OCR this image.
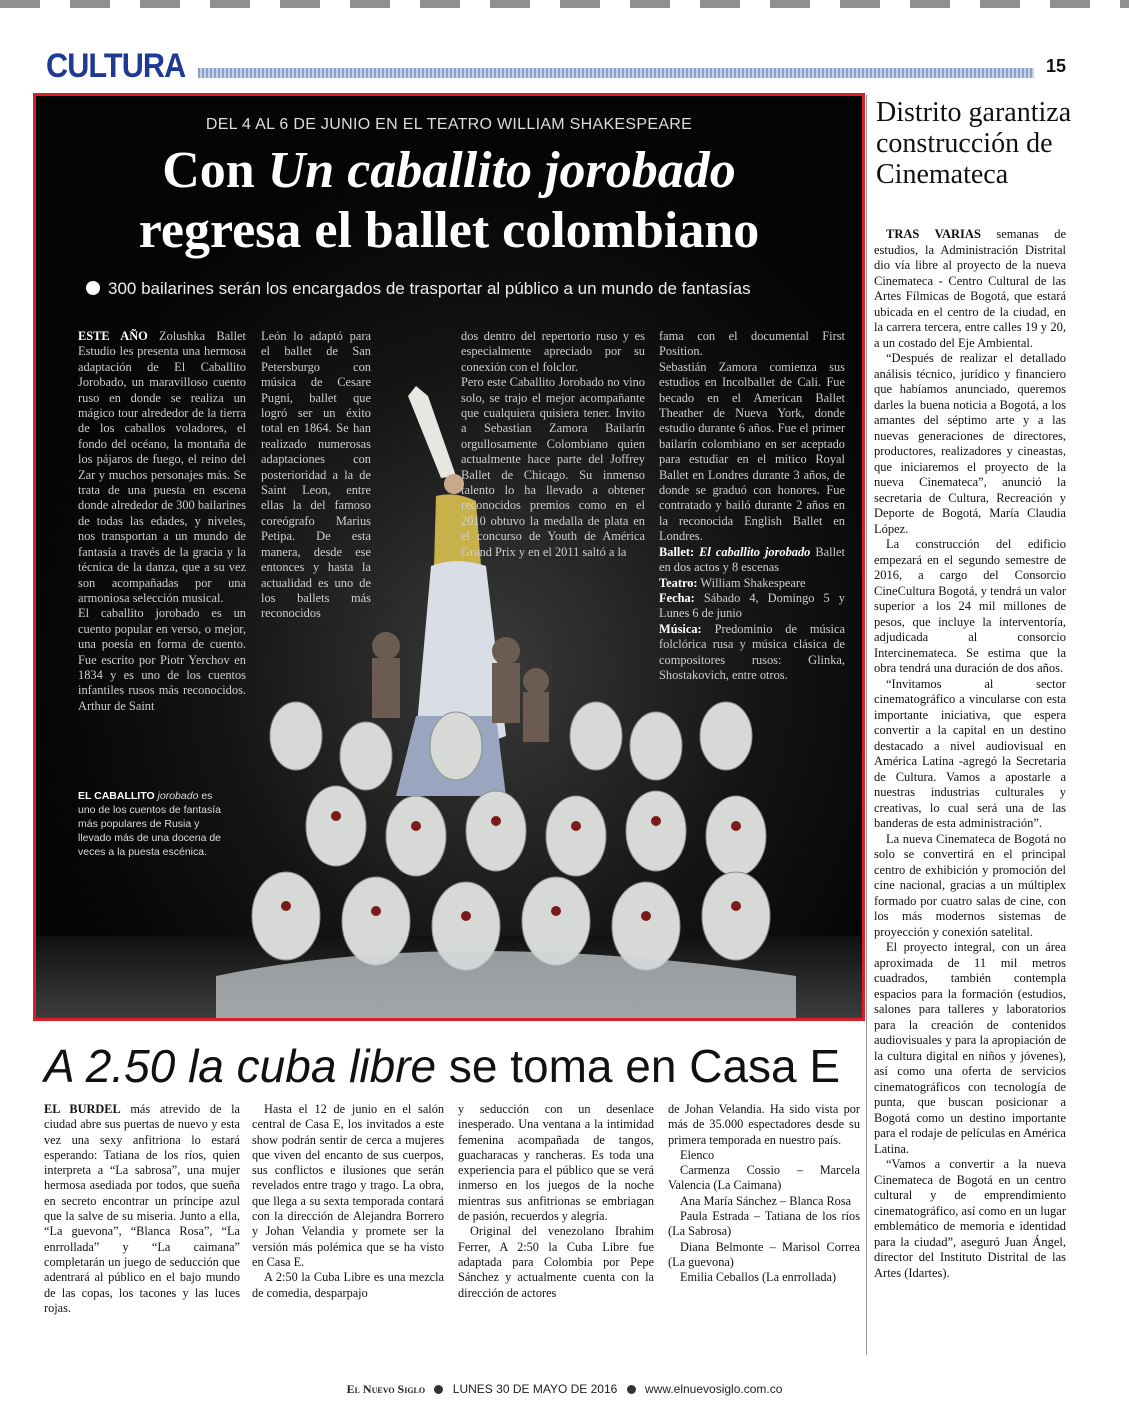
CULTURA	15
DEL 4 AL 6 DE JUNIO EN EL TEATRO WILLIAM SHAKESPEARE
Con Un caballito jorobado
regresa el ballet colombiano
300 bailarines serán los encargados de trasportar al público a un mundo de fantasías
ESTE AÑO Zolushka Ballet Estudio les presenta una hermosa adaptación de El Caballito Jorobado, un maravilloso cuento ruso en donde se realiza un mágico tour alrededor de la tierra de los caballos voladores, el fondo del océano, la montaña de los pájaros de fuego, el reino del Zar y muchos personajes más. Se trata de una puesta en escena donde alrededor de 300 bailarines de todas las edades, y niveles, nos transportan a un mundo de fantasía a través de la gracia y la técnica de la danza, que a su vez son acompañadas por una armoniosa selección musical.
El caballito jorobado es un cuento popular en verso, o mejor, una poesía en forma de cuento. Fue escrito por Piotr Yerchov en 1834 y es uno de los cuentos infantiles rusos más reconocidos. Arthur de Saint
León lo adaptó para el ballet de San Petersburgo con música de Cesare Pugni, ballet que logró ser un éxito total en 1864. Se han realizado numerosas adaptaciones con posterioridad a la de Saint Leon, entre ellas la del famoso coreógrafo Marius Petipa. De esta manera, desde ese entonces y hasta la actualidad es uno de los ballets más reconocidos
dos dentro del repertorio ruso y es especialmente apreciado por su conexión con el folclor.
Pero este Caballito Jorobado no vino solo, se trajo el mejor acompañante que cualquiera quisiera tener. Invito a Sebastian Zamora Bailarín orgullosamente Colombiano quien actualmente hace parte del Joffrey Ballet de Chicago. Su inmenso talento lo ha llevado a obtener reconocidos premios como en el 2010 obtuvo la medalla de plata en el concurso de Youth de América Grand Prix y en el 2011 saltó a la
fama con el documental First Position.
Sebastián Zamora comienza sus estudios en Incolballet de Cali. Fue becado en el American Ballet Theather de Nueva York, donde estudio durante 6 años. Fue el primer bailarín colombiano en ser aceptado para estudiar en el mítico Royal Ballet en Londres durante 3 años, de donde se graduó con honores. Fue contratado y bailó durante 2 años en la reconocida English Ballet en Londres.
Ballet: El caballito jorobado Ballet en dos actos y 8 escenas
Teatro: William Shakespeare
Fecha: Sábado 4, Domingo 5 y Lunes 6 de junio
Música: Predominio de música folclórica rusa y música clásica de compositores rusos: Glinka, Shostakovich, entre otros.
EL CABALLITO jorobado es uno de los cuentos de fantasía más populares de Rusia y llevado más de una docena de veces a la puesta escénica.
Distrito garantiza construcción de Cinemateca

TRAS VARIAS semanas de estudios, la Administración Distrital dio vía libre al proyecto de la nueva Cinemateca - Centro Cultural de las Artes Fílmicas de Bogotá, que estará ubicada en el centro de la ciudad, en la carrera tercera, entre calles 19 y 20, a un costado del Eje Ambiental.

“Después de realizar el detallado análisis técnico, jurídico y financiero que habíamos anunciado, queremos darles la buena noticia a Bogotá, a los amantes del séptimo arte y a las nuevas generaciones de directores, productores, realizadores y cineastas, que iniciaremos el proyecto de la nueva Cinemateca”, anunció la secretaria de Cultura, Recreación y Deporte de Bogotá, María Claudia López.

La construcción del edificio empezará en el segundo semestre de 2016, a cargo del Consorcio CineCultura Bogotá, y tendrá un valor superior a los 24 mil millones de pesos, que incluye la interventoría, adjudicada al consorcio Intercinemateca. Se estima que la obra tendrá una duración de dos años.

“Invitamos al sector cinematográfico a vincularse con esta importante iniciativa, que espera convertir a la capital en un destino destacado a nivel audiovisual en América Latina -agregó la Secretaria de Cultura. Vamos a apostarle a nuestras industrias culturales y creativas, lo cual será una de las banderas de esta administración”.

La nueva Cinemateca de Bogotá no solo se convertirá en el principal centro de exhibición y promoción del cine nacional, gracias a un múltiplex formado por cuatro salas de cine, con los más modernos sistemas de proyección y conexión satelital.

El proyecto integral, con un área aproximada de 11 mil metros cuadrados, también contempla espacios para la formación (estudios, salones para talleres y laboratorios para la creación de contenidos audiovisuales y para la apropiación de la cultura digital en niños y jóvenes), así como una oferta de servicios cinematográficos con tecnología de punta, que buscan posicionar a Bogotá como un destino importante para el rodaje de películas en América Latina.

“Vamos a convertir a la nueva Cinemateca de Bogotá en un centro cultural y de emprendimiento cinematográfico, así como en un lugar emblemático de memoria e identidad para la ciudad”, aseguró Juan Ángel, director del Instituto Distrital de las Artes (Idartes).

A 2.50 la cuba libre se toma en Casa E
EL BURDEL más atrevido de la ciudad abre sus puertas de nuevo y esta vez una sexy anfitriona lo estará esperando: Tatiana de los ríos, quien interpreta a “La sabrosa”, una mujer hermosa asediada por todos, que sueña en secreto encontrar un príncipe azul que la salve de su miseria. Junto a ella, “La guevona”, “Blanca Rosa”, “La enrrollada” y “La caimana” completarán un juego de seducción que adentrará al público en el bajo mundo de las copas, los tacones y las luces rojas.

Hasta el 12 de junio en el salón central de Casa E, los invitados a este show podrán sentir de cerca a mujeres que viven del encanto de sus cuerpos, sus conflictos e ilusiones que serán revelados entre trago y trago. La obra, que llega a su sexta temporada contará con la dirección de Alejandra Borrero y Johan Velandia y promete ser la versión más polémica que se ha visto en Casa E.

A 2:50 la Cuba Libre es una mezcla de comedia, desparpajo

y seducción con un desenlace inesperado. Una ventana a la intimidad femenina acompañada de tangos, guacharacas y rancheras. Es toda una experiencia para el público que se verá inmerso en los juegos de la noche mientras sus anfitrionas se embriagan de pasión, recuerdos y alegría.

Original del venezolano Ibrahim Ferrer, A 2:50 la Cuba Libre fue adaptada para Colombia por Pepe Sánchez y actualmente cuenta con la dirección de actores

de Johan Velandia. Ha sido vista por más de 35.000 espectadores desde su primera temporada en nuestro país.

Elenco

Carmenza Cossio – Marcela Valencia (La Caimana)

Ana María Sánchez – Blanca Rosa

Paula Estrada – Tatiana de los ríos (La Sabrosa)

Diana Belmonte – Marisol Correa (La guevona)

Emilia Ceballos (La enrrollada)

El Nuevo Siglo LUNES 30 DE MAYO DE 2016 www.elnuevosiglo.com.co
